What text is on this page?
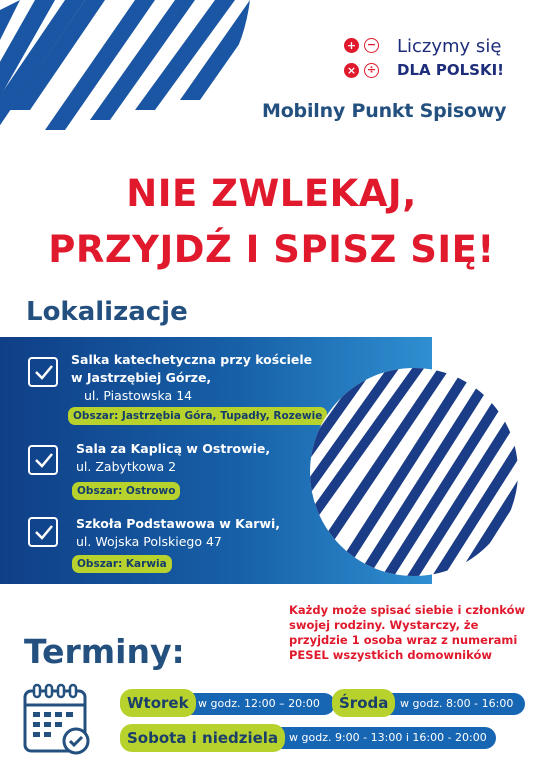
+ −
× ÷
Liczymy się
DLA POLSKI!
Mobilny Punkt Spisowy
NIE ZWLEKAJ,
PRZYJDŹ I SPISZ SIĘ!
Lokalizacje
Salka katechetyczna przy kościele
w Jastrzębiej Górze,
ul. Piastowska 14
Obszar: Jastrzębia Góra, Tupadły, Rozewie
Sala za Kaplicą w Ostrowie,
ul. Zabytkowa 2
Obszar: Ostrowo
Szkoła Podstawowa w Karwi,
ul. Wojska Polskiego 47
Obszar: Karwia
Każdy może spisać siebie i członków swojej rodziny. Wystarczy, że przyjdzie 1 osoba wraz z numerami PESEL wszystkich domowników
Terminy:
Wtorek w godz. 12:00 – 20:00	Środa	w godz. 8:00 - 16:00
Sobota i niedziela w godz. 9:00 - 13:00 i 16:00 - 20:00
